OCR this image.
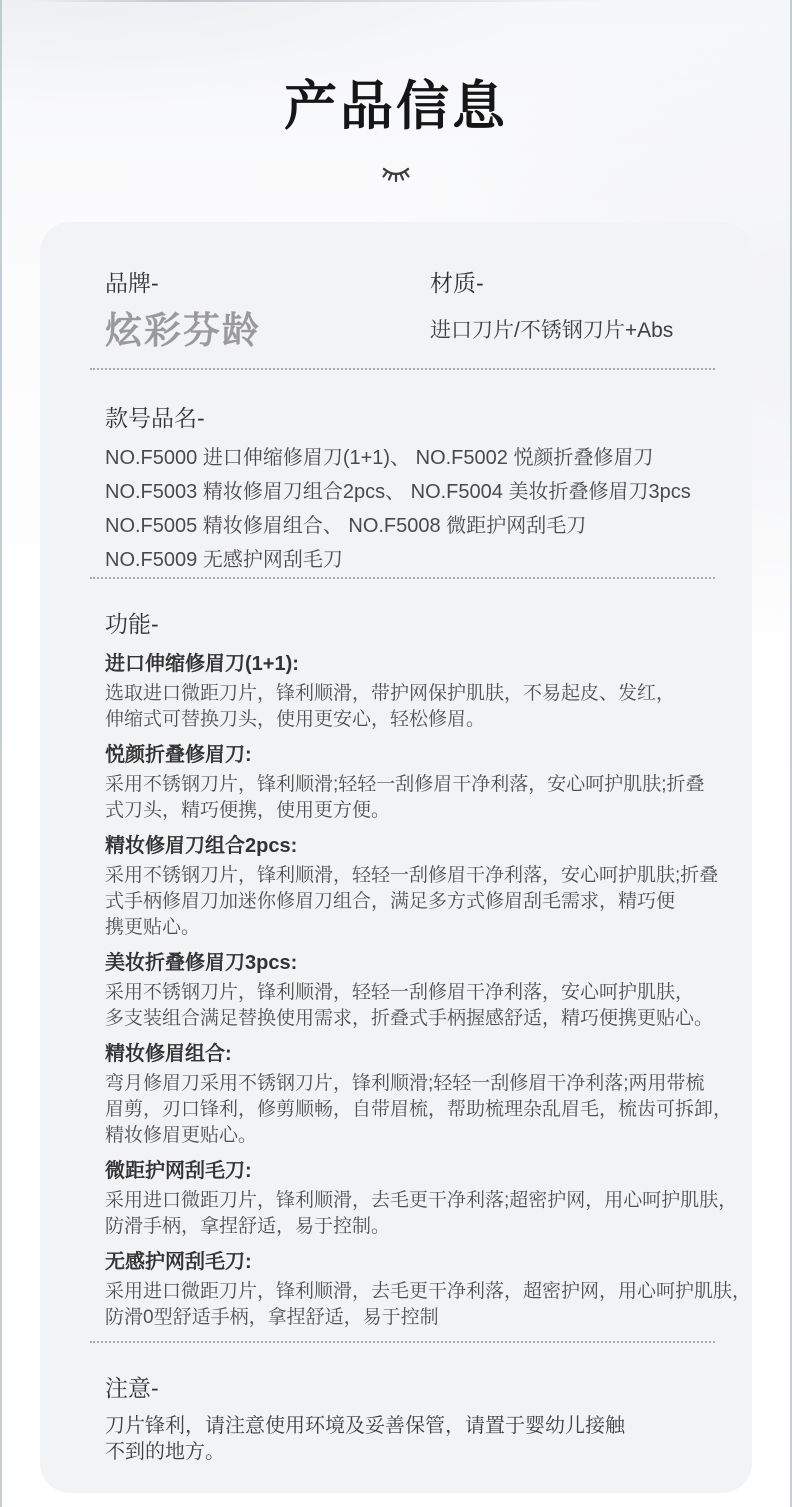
产品信息
品牌-
炫彩芬龄
材质-
进口刀片/不锈钢刀片+Abs
款号品名-
NO.F5000 进口伸缩修眉刀(1+1)、 NO.F5002 悦颜折叠修眉刀
NO.F5003 精妆修眉刀组合2pcs、 NO.F5004 美妆折叠修眉刀3pcs
NO.F5005 精妆修眉组合、 NO.F5008 微距护网刮毛刀
NO.F5009 无感护网刮毛刀
功能-
进口伸缩修眉刀(1+1):
选取进口微距刀片，锋利顺滑，带护网保护肌肤，不易起皮、发红，
伸缩式可替换刀头，使用更安心，轻松修眉。
悦颜折叠修眉刀:
采用不锈钢刀片，锋利顺滑;轻轻一刮修眉干净利落，安心呵护肌肤;折叠
式刀头，精巧便携，使用更方便。
精妆修眉刀组合2pcs:
采用不锈钢刀片，锋利顺滑，轻轻一刮修眉干净利落，安心呵护肌肤;折叠
式手柄修眉刀加迷你修眉刀组合，满足多方式修眉刮毛需求，精巧便
携更贴心。
美妆折叠修眉刀3pcs:
采用不锈钢刀片，锋利顺滑，轻轻一刮修眉干净利落，安心呵护肌肤，
多支装组合满足替换使用需求，折叠式手柄握感舒适，精巧便携更贴心。
精妆修眉组合:
弯月修眉刀采用不锈钢刀片，锋利顺滑;轻轻一刮修眉干净利落;两用带梳
眉剪，刃口锋利，修剪顺畅，自带眉梳，帮助梳理杂乱眉毛，梳齿可拆卸，
精妆修眉更贴心。
微距护网刮毛刀:
采用进口微距刀片，锋利顺滑，去毛更干净利落;超密护网，用心呵护肌肤，
防滑手柄，拿捏舒适，易于控制。
无感护网刮毛刀:
采用进口微距刀片，锋利顺滑，去毛更干净利落，超密护网，用心呵护肌肤，
防滑0型舒适手柄，拿捏舒适，易于控制
注意-
刀片锋利，请注意使用环境及妥善保管，请置于婴幼儿接触
不到的地方。
